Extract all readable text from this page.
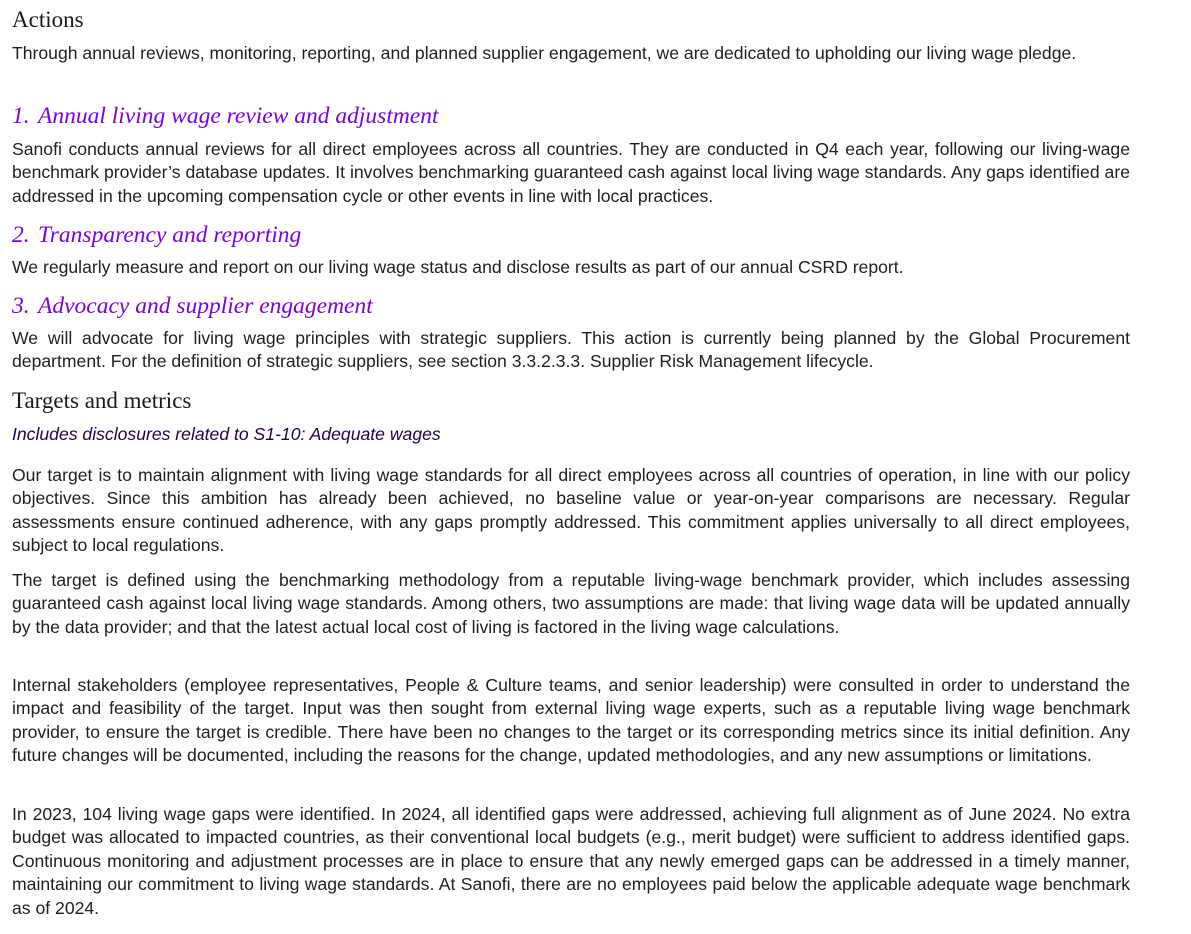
Actions

Through annual reviews, monitoring, reporting, and planned supplier engagement, we are dedicated to upholding our living wage pledge.

1. Annual living wage review and adjustment

Sanofi conducts annual reviews for all direct employees across all countries. They are conducted in Q4 each year, following our living-wage benchmark provider’s database updates. It involves benchmarking guaranteed cash against local living wage standards. Any gaps identified are addressed in the upcoming compensation cycle or other events in line with local practices.

2. Transparency and reporting

We regularly measure and report on our living wage status and disclose results as part of our annual CSRD report.

3. Advocacy and supplier engagement

We will advocate for living wage principles with strategic suppliers. This action is currently being planned by the Global Procurement department. For the definition of strategic suppliers, see section 3.3.2.3.3. Supplier Risk Management lifecycle.

Targets and metrics

Includes disclosures related to S1-10: Adequate wages

Our target is to maintain alignment with living wage standards for all direct employees across all countries of operation, in line with our policy objectives. Since this ambition has already been achieved, no baseline value or year-on-year comparisons are necessary. Regular assessments ensure continued adherence, with any gaps promptly addressed. This commitment applies universally to all direct employees, subject to local regulations.

The target is defined using the benchmarking methodology from a reputable living-wage benchmark provider, which includes assessing guaranteed cash against local living wage standards. Among others, two assumptions are made: that living wage data will be updated annually by the data provider; and that the latest actual local cost of living is factored in the living wage calculations.

Internal stakeholders (employee representatives, People & Culture teams, and senior leadership) were consulted in order to understand the impact and feasibility of the target. Input was then sought from external living wage experts, such as a reputable living wage benchmark provider, to ensure the target is credible. There have been no changes to the target or its corresponding metrics since its initial definition. Any future changes will be documented, including the reasons for the change, updated methodologies, and any new assumptions or limitations.

In 2023, 104 living wage gaps were identified. In 2024, all identified gaps were addressed, achieving full alignment as of June 2024. No extra budget was allocated to impacted countries, as their conventional local budgets (e.g., merit budget) were sufficient to address identified gaps. Continuous monitoring and adjustment processes are in place to ensure that any newly emerged gaps can be addressed in a timely manner, maintaining our commitment to living wage standards. At Sanofi, there are no employees paid below the applicable adequate wage benchmark as of 2024.
